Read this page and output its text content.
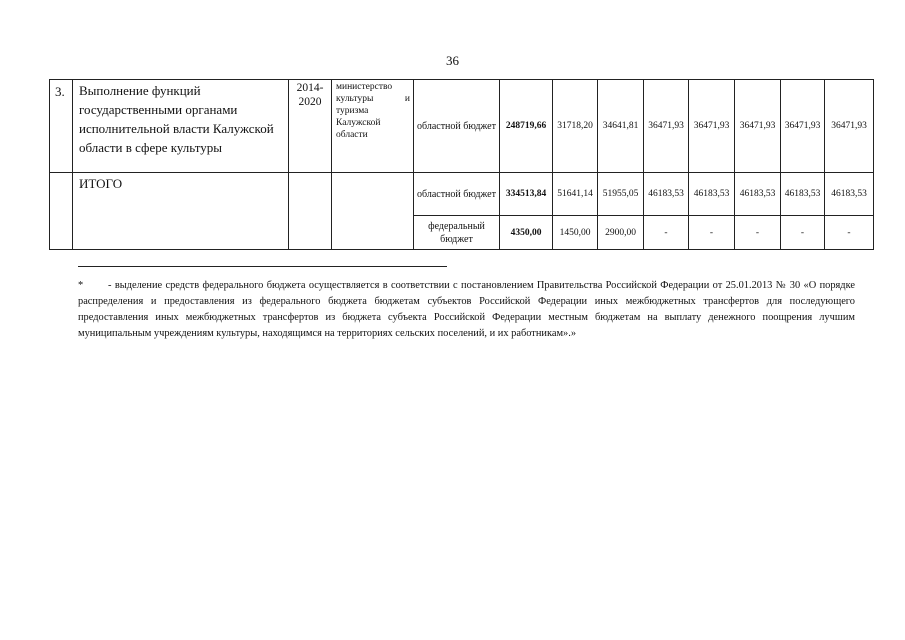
36
3.	Выполнение функций государственными органами исполнительной власти Калужской области в сфере культуры	2014-2020	министерство
культуры и
туризма Калужской области	областной бюджет	248719,66	31718,20	34641,81	36471,93	36471,93	36471,93	36471,93	36471,93

	ИТОГО			областной бюджет	334513,84	51641,14	51955,05	46183,53	46183,53	46183,53	46183,53	46183,53
				федеральный бюджет	4350,00	1450,00	2900,00	-	-	-	-	-
* - выделение средств федерального бюджета осуществляется в соответствии с постановлением Правительства Российской Федерации от 25.01.2013 № 30 «О порядке распределения и предоставления из федерального бюджета бюджетам субъектов Российской Федерации иных межбюджетных трансфертов для последующего предоставления иных межбюджетных трансфертов из бюджета субъекта Российской Федерации местным бюджетам на выплату денежного поощрения лучшим муниципальным учреждениям культуры, находящимся на территориях сельских поселений, и их работникам».»
